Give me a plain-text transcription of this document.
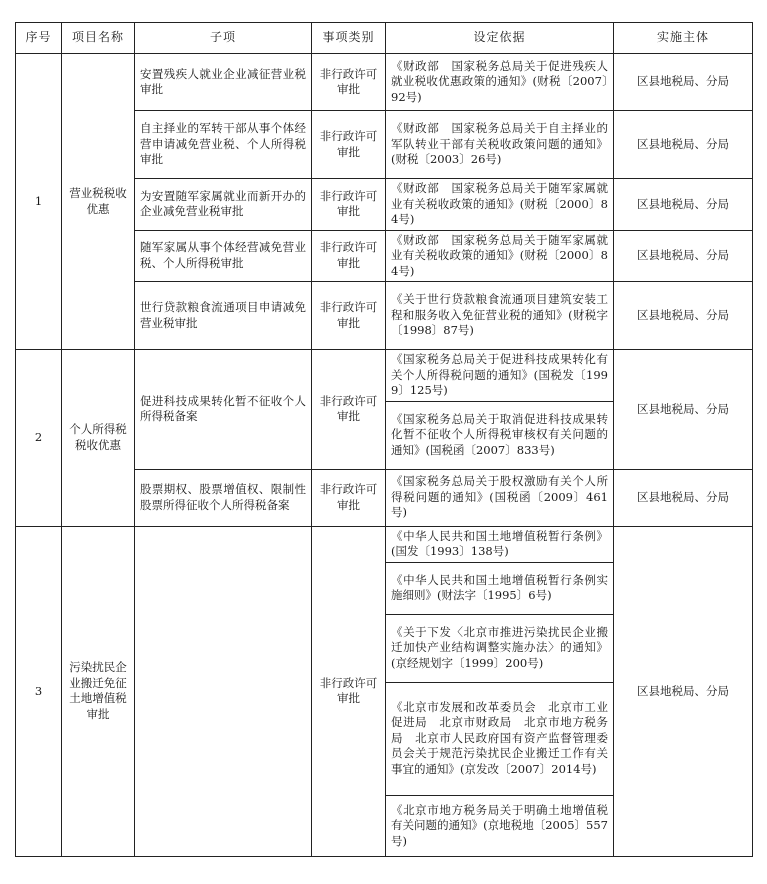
序号	项目名称	子项	事项类别	设定依据	实施主体
1	营业税税收优惠	安置残疾人就业企业减征营业税审批	非行政许可审批	《财政部　国家税务总局关于促进残疾人就业税收优惠政策的通知》(财税〔2007〕92号)	区县地税局、分局
		自主择业的军转干部从事个体经营申请减免营业税、个人所得税审批	非行政许可审批	《财政部　国家税务总局关于自主择业的军队转业干部有关税收政策问题的通知》(财税〔2003〕26号)	区县地税局、分局
		为安置随军家属就业而新开办的企业减免营业税审批	非行政许可审批	《财政部　国家税务总局关于随军家属就业有关税收政策的通知》(财税〔2000〕84号)	区县地税局、分局
		随军家属从事个体经营减免营业税、个人所得税审批	非行政许可审批	《财政部　国家税务总局关于随军家属就业有关税收政策的通知》(财税〔2000〕84号)	区县地税局、分局
		世行贷款粮食流通项目申请减免营业税审批	非行政许可审批	《关于世行贷款粮食流通项目建筑安装工程和服务收入免征营业税的通知》(财税字〔1998〕87号)	区县地税局、分局
2	个人所得税税收优惠	促进科技成果转化暂不征收个人所得税备案	非行政许可审批	《国家税务总局关于促进科技成果转化有关个人所得税问题的通知》(国税发〔1999〕125号)	区县地税局、分局
				《国家税务总局关于取消促进科技成果转化暂不征收个人所得税审核权有关问题的通知》(国税函〔2007〕833号)	
		股票期权、股票增值权、限制性股票所得征收个人所得税备案	非行政许可审批	《国家税务总局关于股权激励有关个人所得税问题的通知》(国税函〔2009〕461号)	区县地税局、分局
3	污染扰民企业搬迁免征土地增值税审批		非行政许可审批	《中华人民共和国土地增值税暂行条例》(国发〔1993〕138号)	区县地税局、分局
				《中华人民共和国土地增值税暂行条例实施细则》(财法字〔1995〕6号)	
				《关于下发〈北京市推进污染扰民企业搬迁加快产业结构调整实施办法〉的通知》(京经规划字〔1999〕200号)	
				《北京市发展和改革委员会　北京市工业促进局　北京市财政局　北京市地方税务局　北京市人民政府国有资产监督管理委员会关于规范污染扰民企业搬迁工作有关事宜的通知》(京发改〔2007〕2014号)	
				《北京市地方税务局关于明确土地增值税有关问题的通知》(京地税地〔2005〕557号)	
